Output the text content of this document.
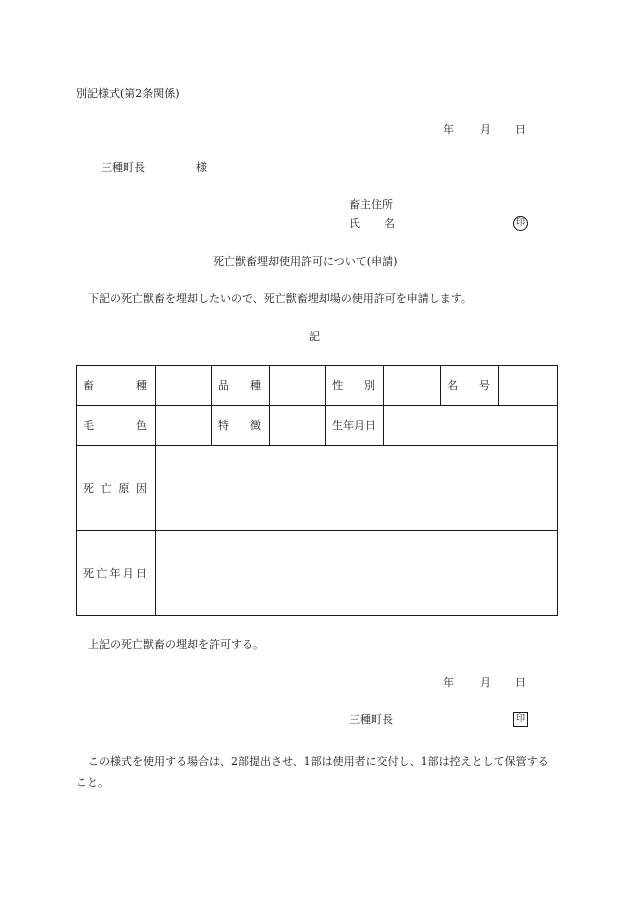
別記様式(第2条関係)
年 月 日
三種町長	様
畜主住所
氏 名	印
死亡獣畜埋却使用許可について(申請)
下記の死亡獣畜を埋却したいので、死亡獣畜埋却場の使用許可を申請します。
記
畜　種		品　種		性　別		名　号	
毛　色		特　徴		生年月日			
死亡原因							
死亡年月日							
上記の死亡獣畜の埋却を許可する。
年 月 日
三種町長	印
この様式を使用する場合は、2部提出させ、1部は使用者に交付し、1部は控えとして保管すること。
